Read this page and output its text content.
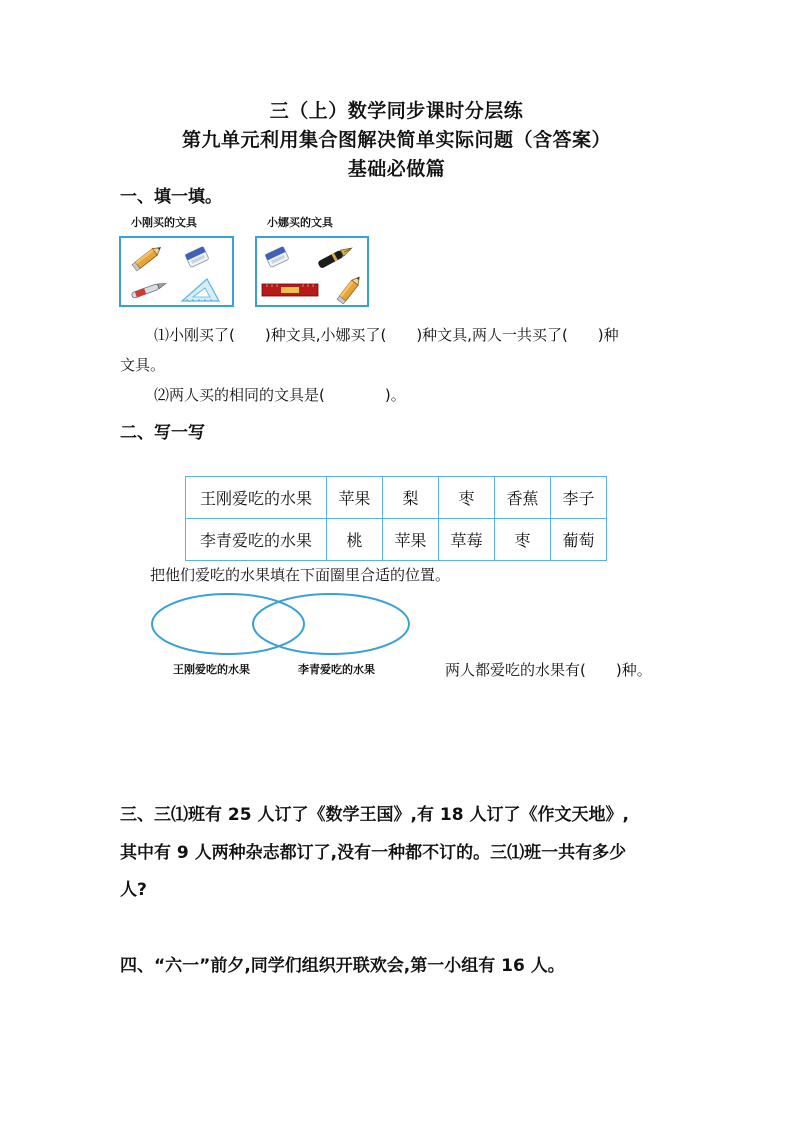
三（上）数学同步课时分层练
第九单元利用集合图解决简单实际问题（含答案）
基础必做篇
一、填一填。
小刚买的文具	小娜买的文具
⑴小刚买了(　　)种文具,小娜买了(　　)种文具,两人一共买了(　　)种
文具。
⑵两人买的相同的文具是(　　　　)。
二、写一写
王刚爱吃的水果	苹果	梨	枣	香蕉	李子
李青爱吃的水果	桃	苹果	草莓	枣	葡萄
把他们爱吃的水果填在下面圈里合适的位置。
王刚爱吃的水果	李青爱吃的水果	两人都爱吃的水果有(　　)种。
三、三⑴班有 25 人订了《数学王国》,有 18 人订了《作文天地》,
其中有 9 人两种杂志都订了,没有一种都不订的。三⑴班一共有多少
人?
四、“六一”前夕,同学们组织开联欢会,第一小组有 16 人。
